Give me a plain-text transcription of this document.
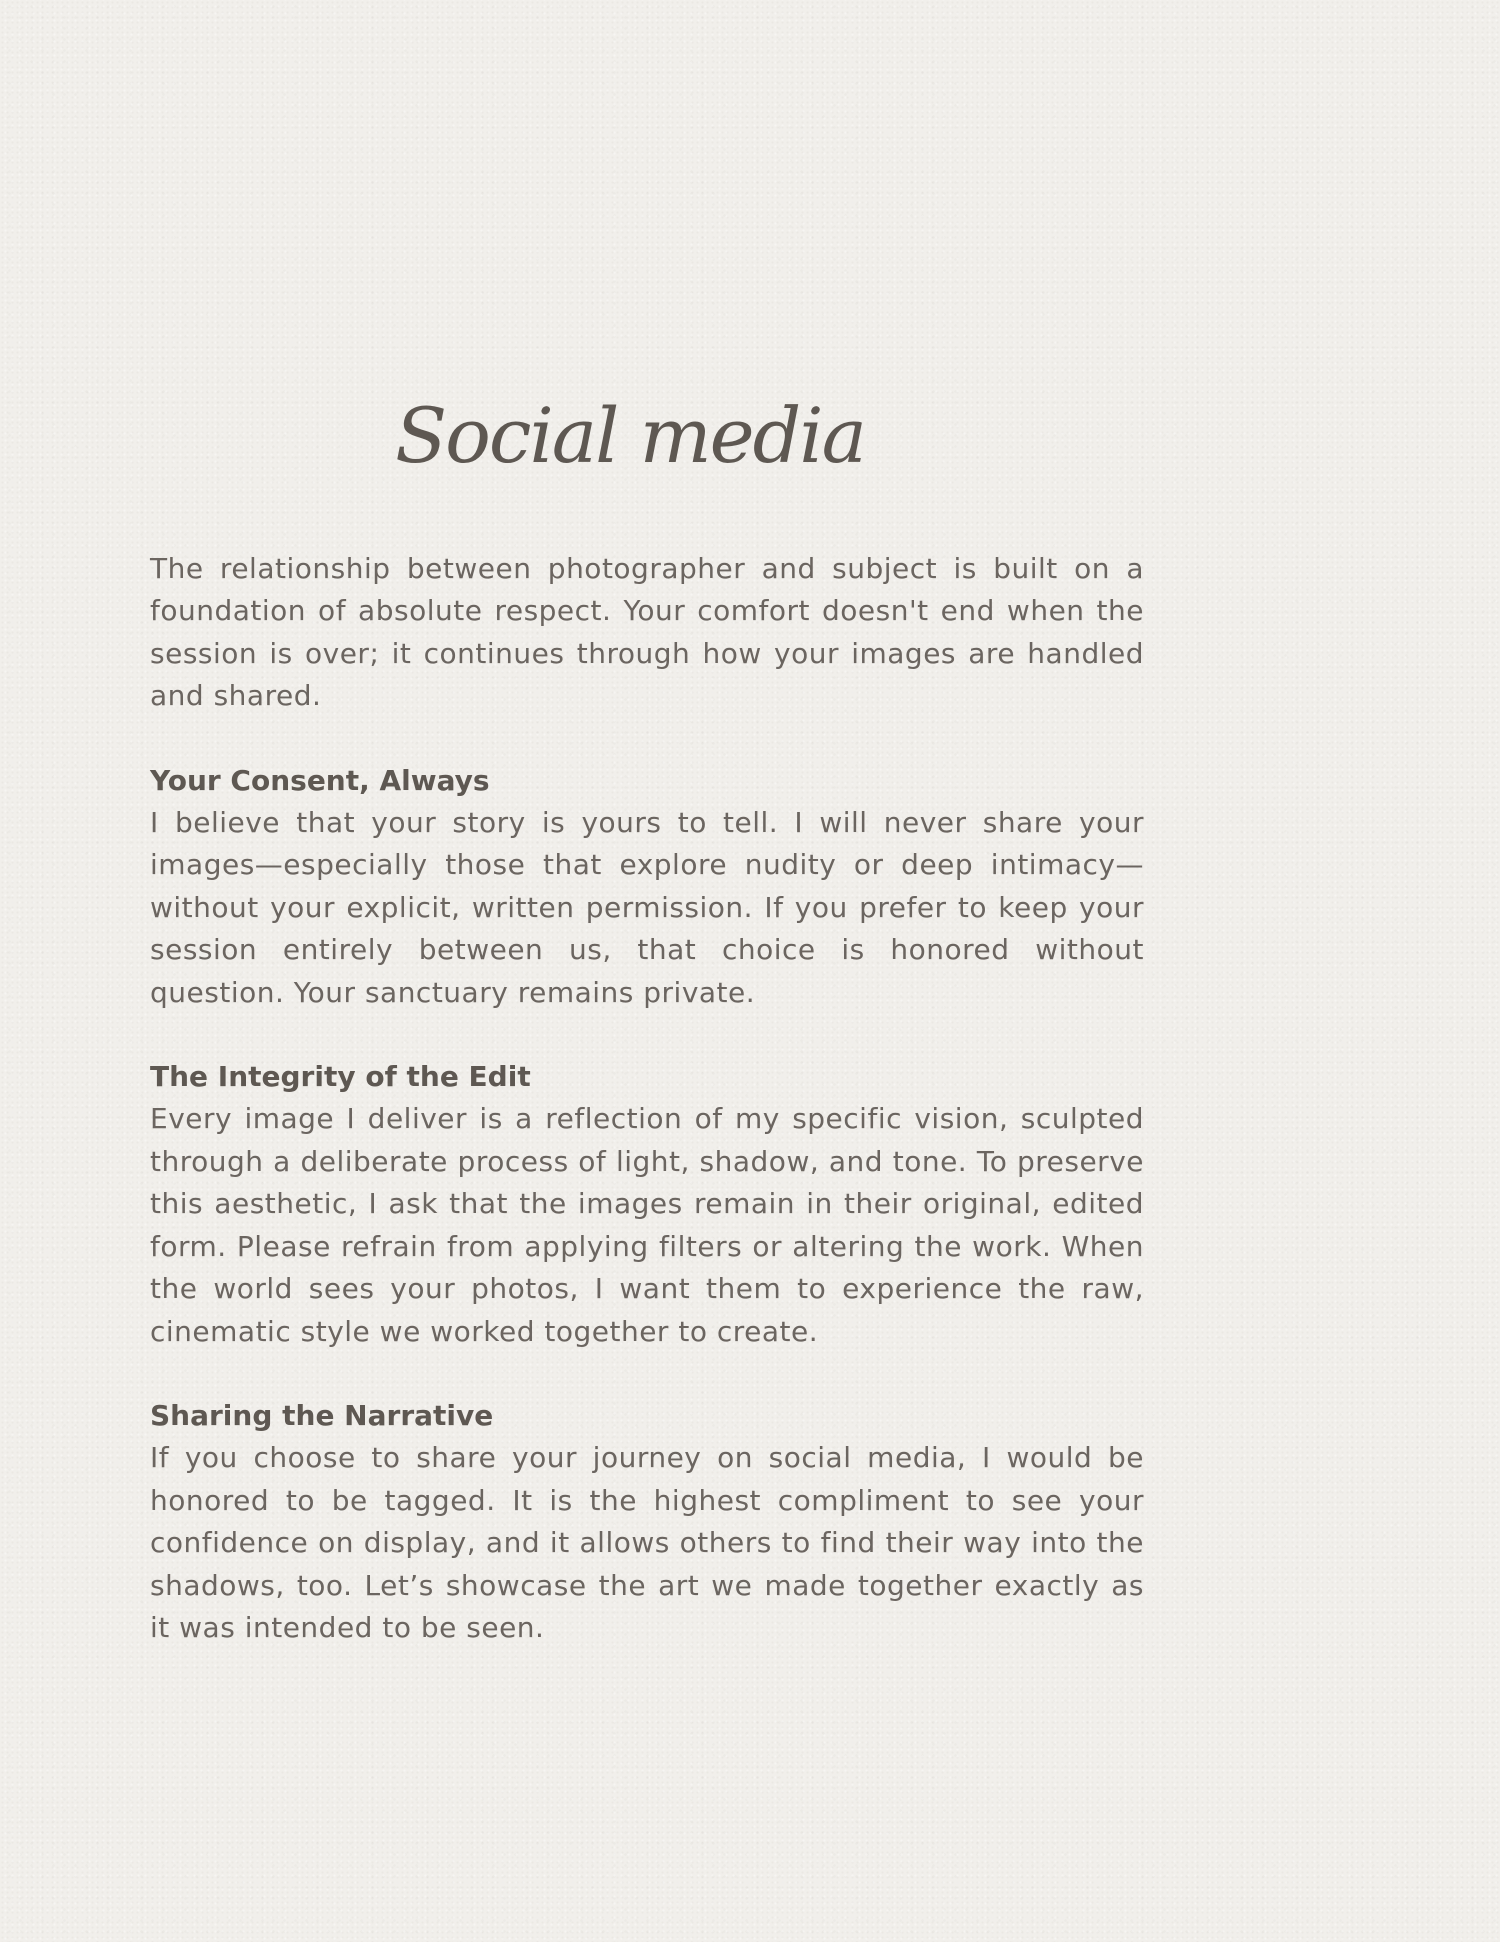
Social media

The relationship between photographer and subject is built on a foundation of absolute respect. Your comfort doesn't end when the session is over; it continues through how your images are handled and shared.

Your Consent, Always

I believe that your story is yours to tell. I will never share your images—especially those that explore nudity or deep intimacy—without your explicit, written permission. If you prefer to keep your session entirely between us, that choice is honored without question. Your sanctuary remains private.

The Integrity of the Edit

Every image I deliver is a reflection of my specific vision, sculpted through a deliberate process of light, shadow, and tone. To preserve this aesthetic, I ask that the images remain in their original, edited form. Please refrain from applying filters or altering the work. When the world sees your photos, I want them to experience the raw, cinematic style we worked together to create.

Sharing the Narrative

If you choose to share your journey on social media, I would be honored to be tagged. It is the highest compliment to see your confidence on display, and it allows others to find their way into the shadows, too. Let’s showcase the art we made together exactly as it was intended to be seen.
